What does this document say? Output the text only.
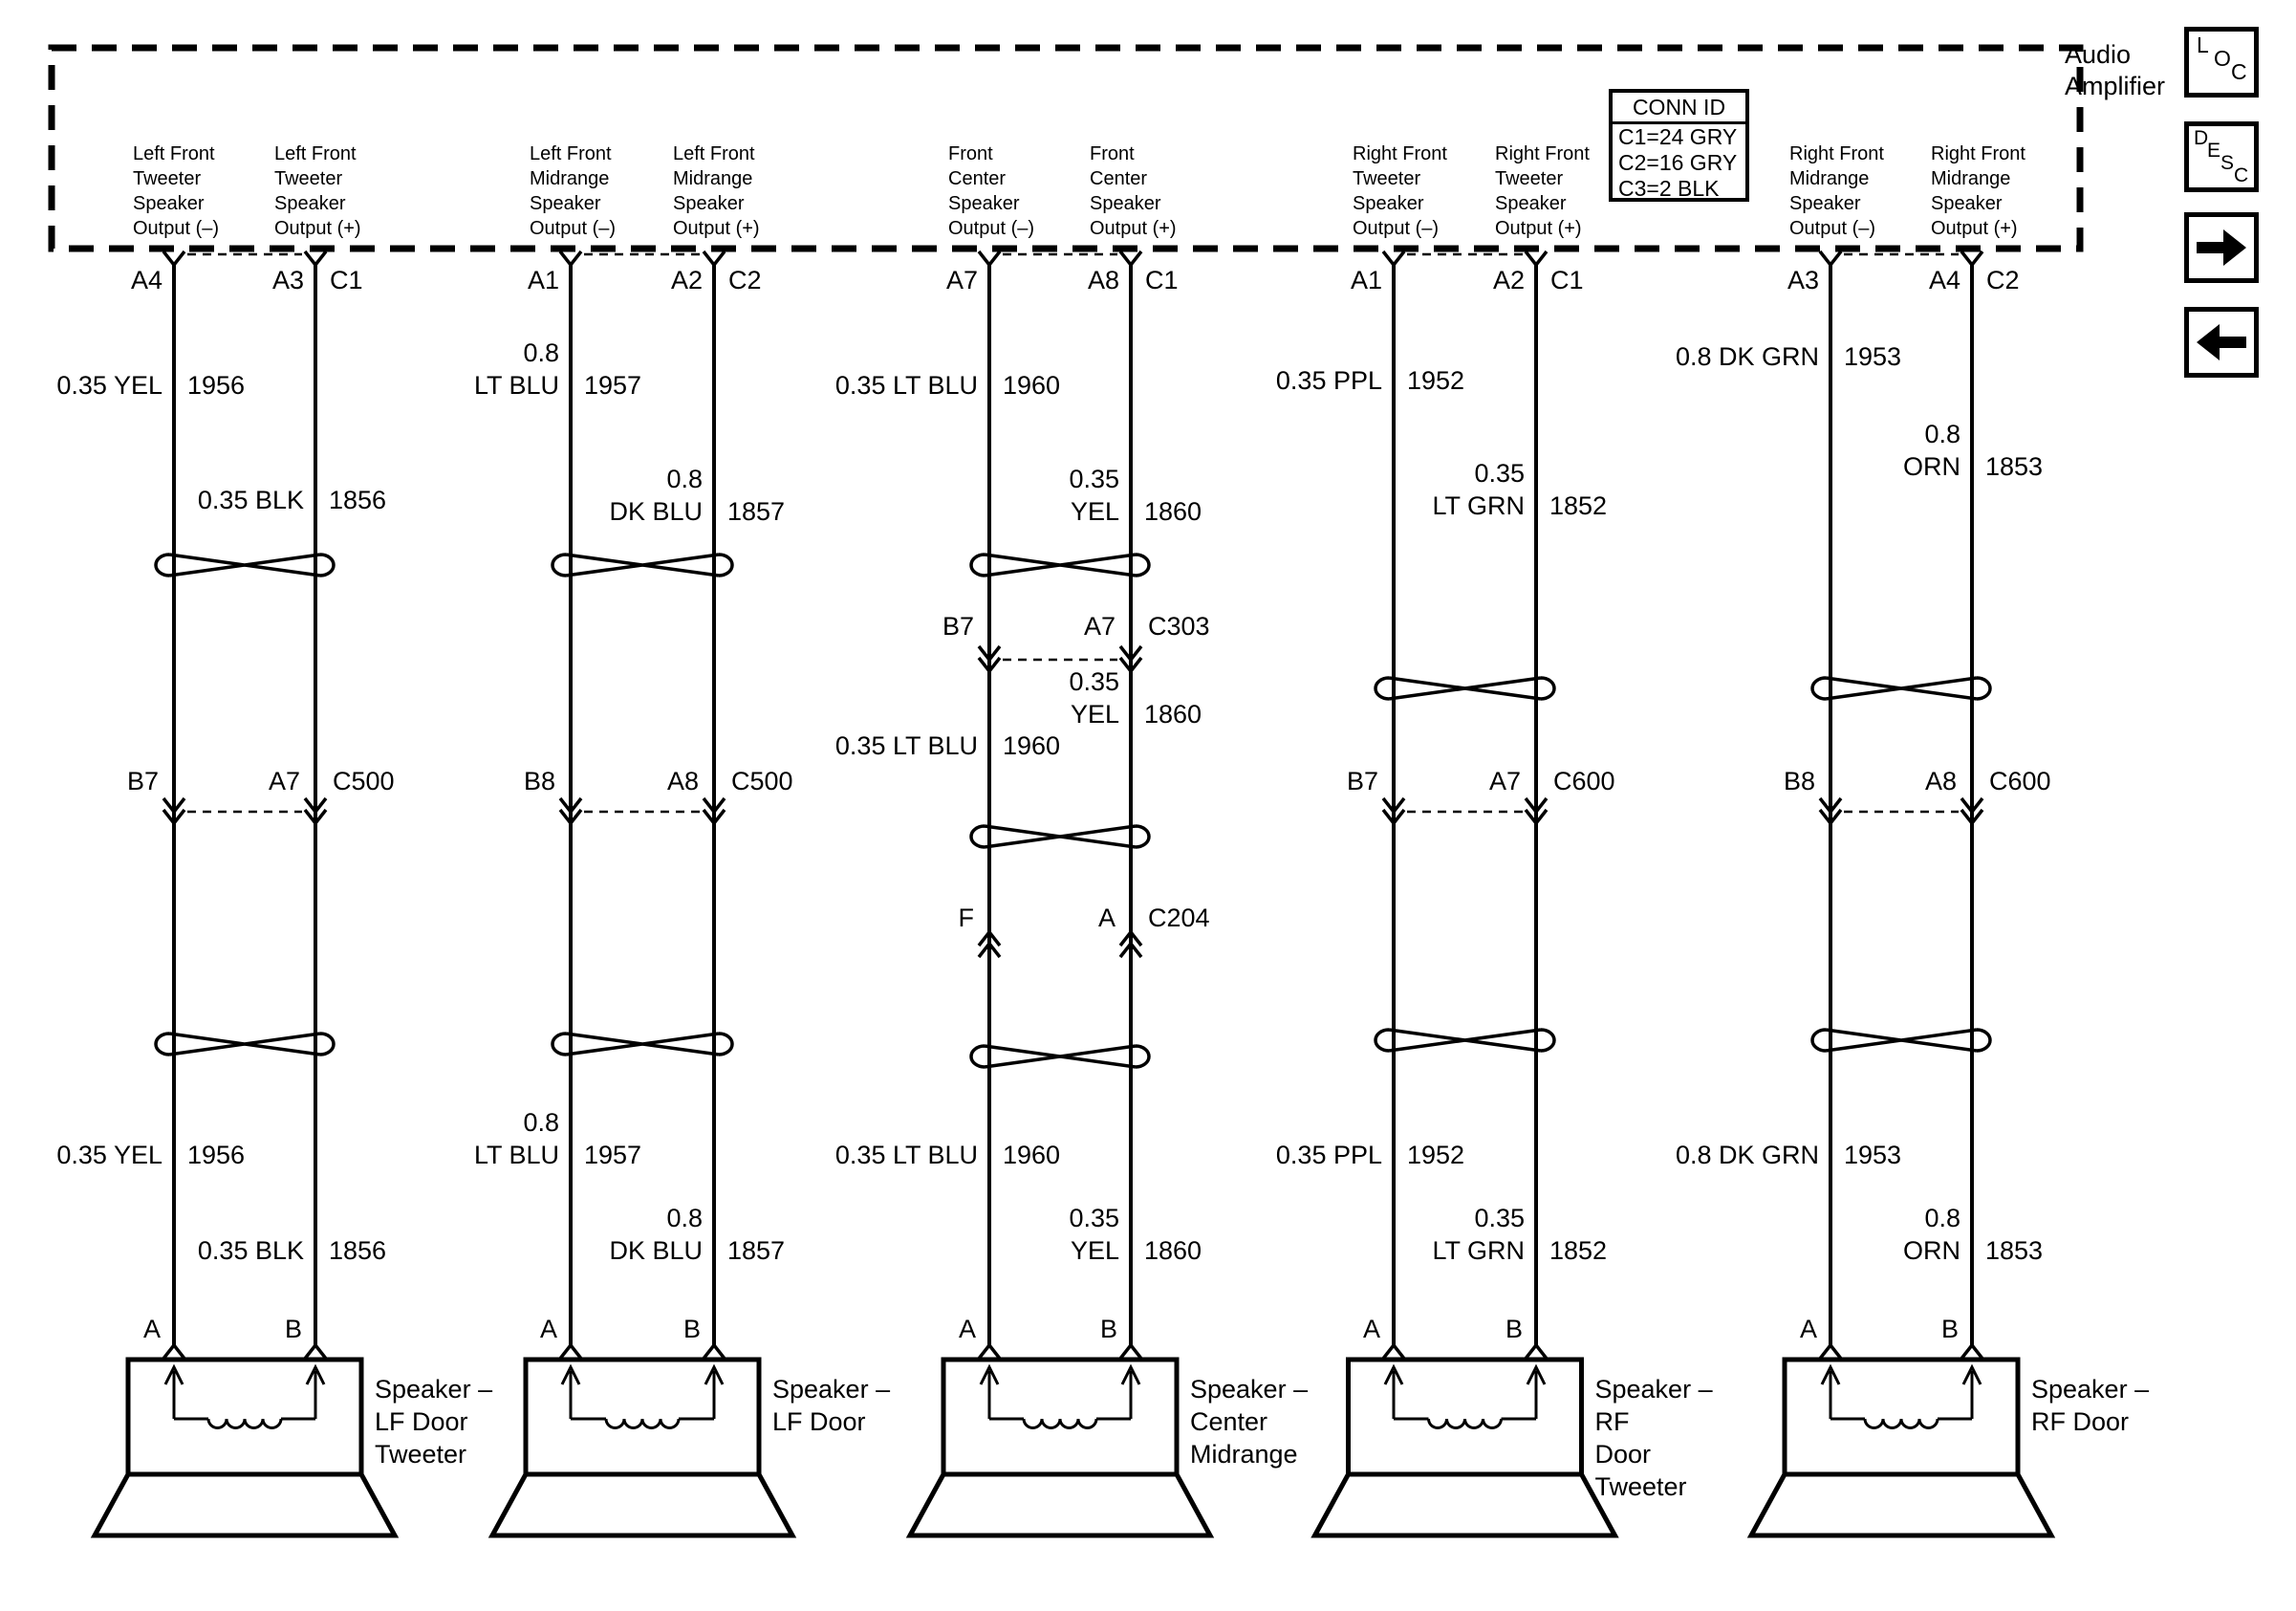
Left Front
Tweeter
Speaker
Output (–)
Left Front
Tweeter
Speaker
Output (+)
A4	A3 C1
0.35 YEL 1956
0.35 BLK 1856
B7	A7 C500
0.35 YEL 1956
0.35 BLK 1856
A	B
Speaker –
LF Door
Tweeter
Left Front
Midrange
Speaker
Output (–)
Left Front
Midrange
Speaker
Output (+)
A1	A2 C2
0.8
LT BLU 1957
0.8
DK BLU 1857
B8	A8 C500
0.8
LT BLU 1957
0.8
DK BLU 1857
A	B
Speaker –
LF Door
Front
Center
Speaker
Output (–)
Front
Center
Speaker
Output (+)
A7	A8 C1
0.35 LT BLU 1960
0.35
YEL 1860
B7	A7 C303
0.35
YEL 1860
0.35 LT BLU 1960
F	A C204
0.35 LT BLU 1960
0.35
YEL 1860
A	B
Speaker –
Center
Midrange
Right Front
Tweeter
Speaker
Output (–)
Right Front
Tweeter
Speaker
Output (+)
A1	A2 C1
0.35 PPL 1952
0.35
LT GRN 1852
B7	A7 C600
0.35 PPL 1952
0.35
LT GRN 1852
A	B
Speaker –
RF
Door
Tweeter
Right Front
Midrange
Speaker
Output (–)
Right Front
Midrange
Speaker
Output (+)
A3	A4 C2
0.8 DK GRN 1953
0.8
ORN 1853
B8	A8 C600
0.8 DK GRN 1953
0.8
ORN 1853
A	B
Speaker –
RF Door
Audio
Amplifier
CONN ID
C1=24 GRY
C2=16 GRY
C3=2 BLK
L
O
C
D
E
S
C
